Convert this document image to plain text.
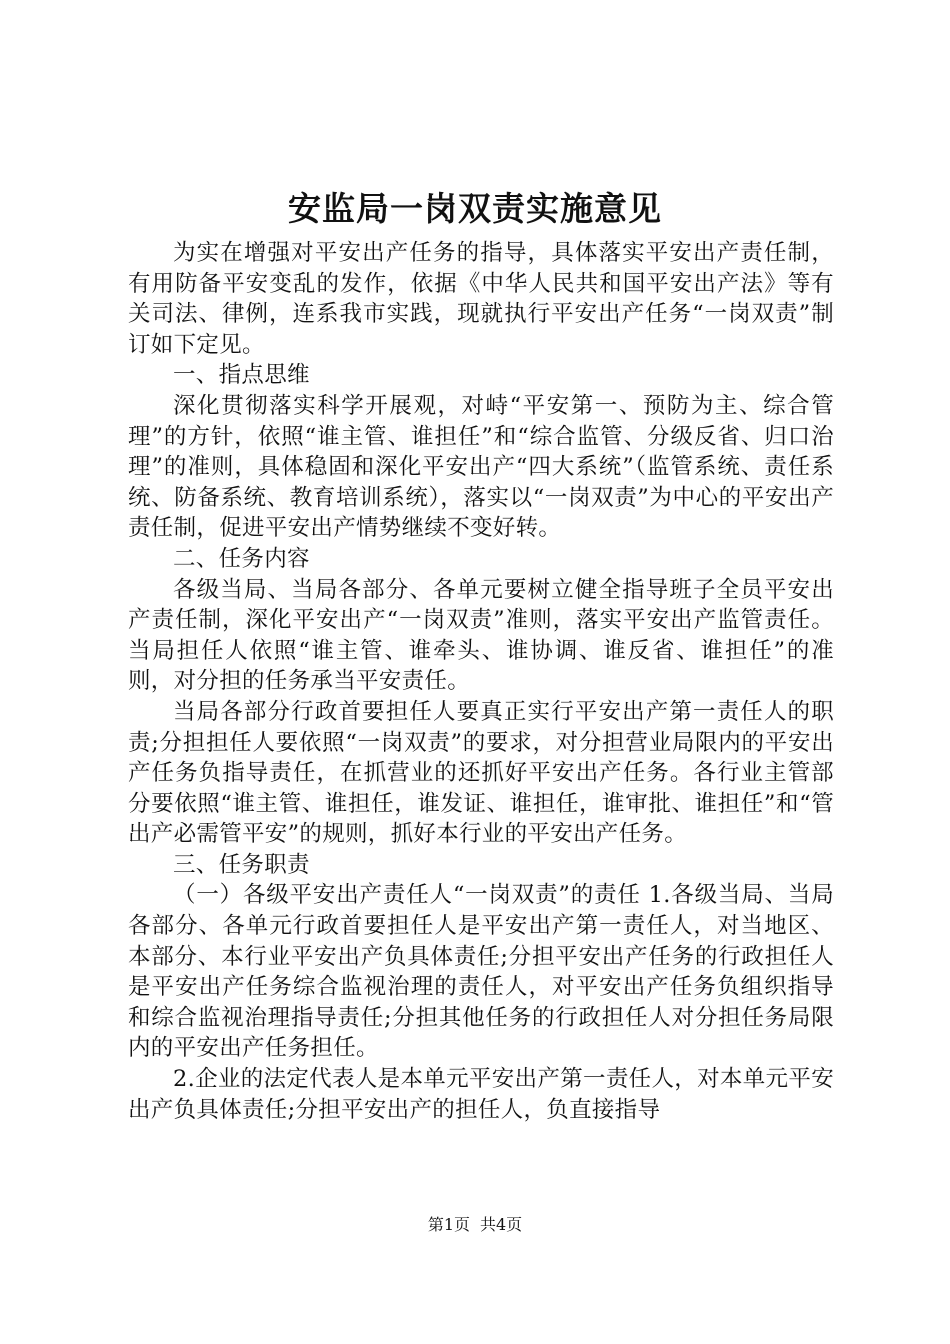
安监局一岗双责实施意见

为实在增强对平安出产任务的指导，具体落实平安出产责任制，有用防备平安变乱的发作，依据《中华人民共和国平安出产法》等有关司法、律例，连系我市实践，现就执行平安出产任务“一岗双责”制订如下定见。

一、指点思维

深化贯彻落实科学开展观，对峙“平安第一、预防为主、综合管理”的方针，依照“谁主管、谁担任”和“综合监管、分级反省、归口治理”的准则，具体稳固和深化平安出产“四大系统”（监管系统、责任系统、防备系统、教育培训系统），落实以“一岗双责”为中心的平安出产责任制，促进平安出产情势继续不变好转。

二、任务内容

各级当局、当局各部分、各单元要树立健全指导班子全员平安出产责任制，深化平安出产“一岗双责”准则，落实平安出产监管责任。当局担任人依照“谁主管、谁牵头、谁协调、谁反省、谁担任”的准则，对分担的任务承当平安责任。

当局各部分行政首要担任人要真正实行平安出产第一责任人的职责;分担担任人要依照“一岗双责”的要求，对分担营业局限内的平安出产任务负指导责任，在抓营业的还抓好平安出产任务。各行业主管部分要依照“谁主管、谁担任，谁发证、谁担任，谁审批、谁担任”和“管出产必需管平安”的规则，抓好本行业的平安出产任务。

三、任务职责

（一）各级平安出产责任人“一岗双责”的责任 1.各级当局、当局各部分、各单元行政首要担任人是平安出产第一责任人，对当地区、本部分、本行业平安出产负具体责任;分担平安出产任务的行政担任人是平安出产任务综合监视治理的责任人，对平安出产任务负组织指导和综合监视治理指导责任;分担其他任务的行政担任人对分担任务局限内的平安出产任务担任。

2.企业的法定代表人是本单元平安出产第一责任人，对本单元平安出产负具体责任;分担平安出产的担任人，负直接指导

第1页 共4页
